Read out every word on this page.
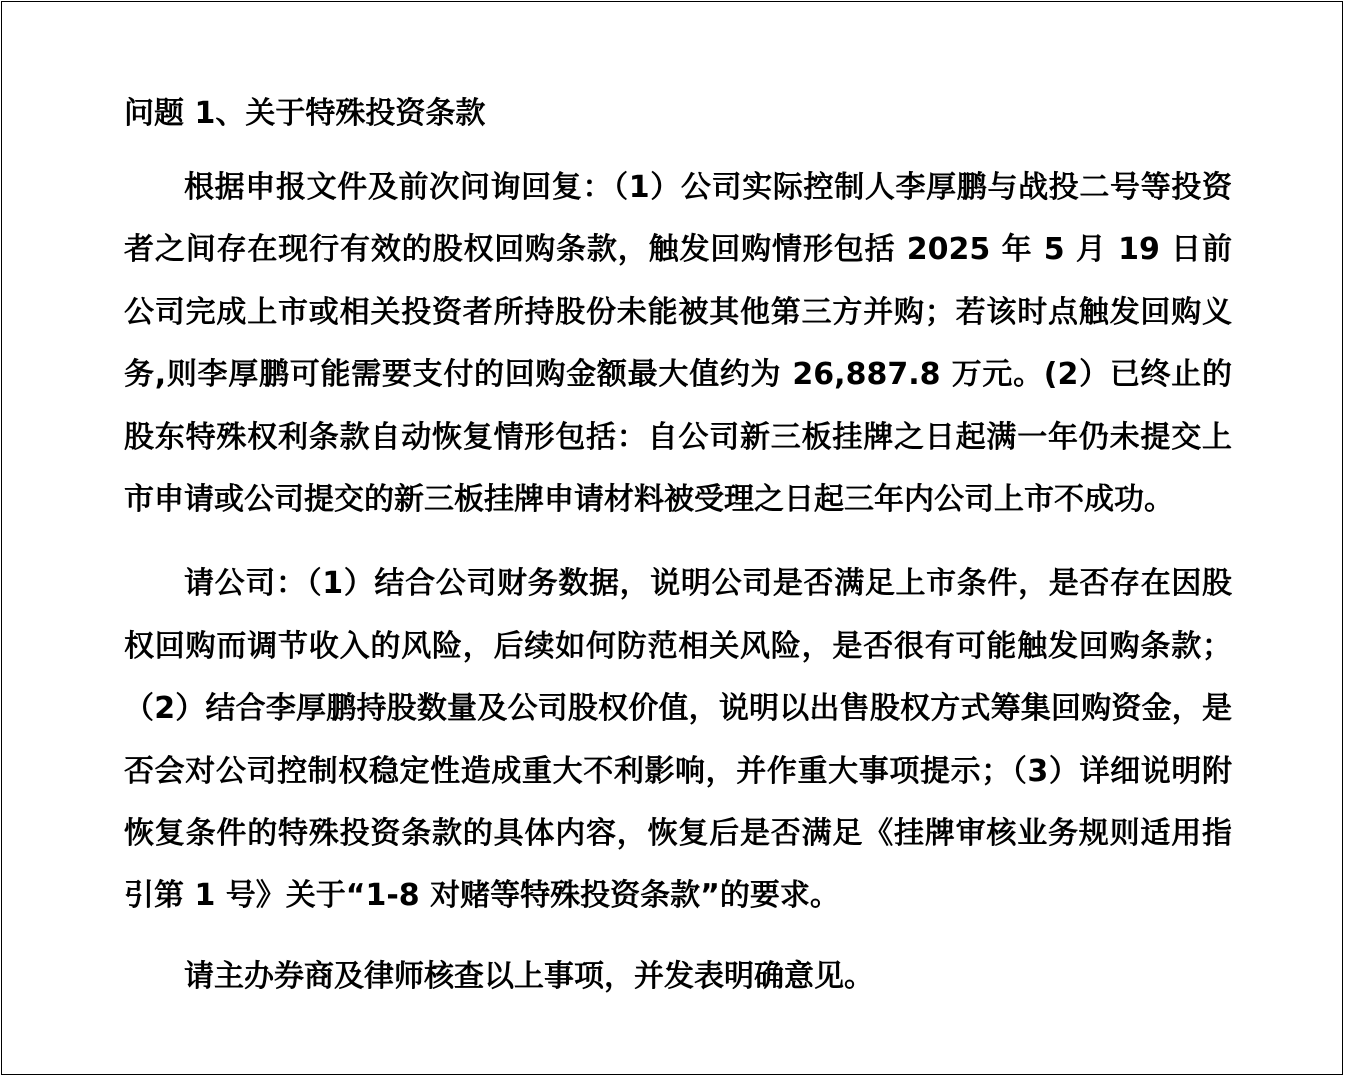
问题 1、关于特殊投资条款

根据申报文件及前次问询回复：（1）公司实际控制人李厚鹏与战投二号等投资者之间存在现行有效的股权回购条款，触发回购情形包括 2025 年 5 月 19 日前公司完成上市或相关投资者所持股份未能被其他第三方并购；若该时点触发回购义务,则李厚鹏可能需要支付的回购金额最大值约为 26,887.8 万元。(2）已终止的股东特殊权利条款自动恢复情形包括：自公司新三板挂牌之日起满一年仍未提交上市申请或公司提交的新三板挂牌申请材料被受理之日起三年内公司上市不成功。

请公司：（1）结合公司财务数据，说明公司是否满足上市条件，是否存在因股权回购而调节收入的风险，后续如何防范相关风险，是否很有可能触发回购条款；（2）结合李厚鹏持股数量及公司股权价值，说明以出售股权方式筹集回购资金，是否会对公司控制权稳定性造成重大不利影响，并作重大事项提示；（3）详细说明附恢复条件的特殊投资条款的具体内容，恢复后是否满足《挂牌审核业务规则适用指引第 1 号》关于“1-8 对赌等特殊投资条款”的要求。

请主办券商及律师核查以上事项，并发表明确意见。
